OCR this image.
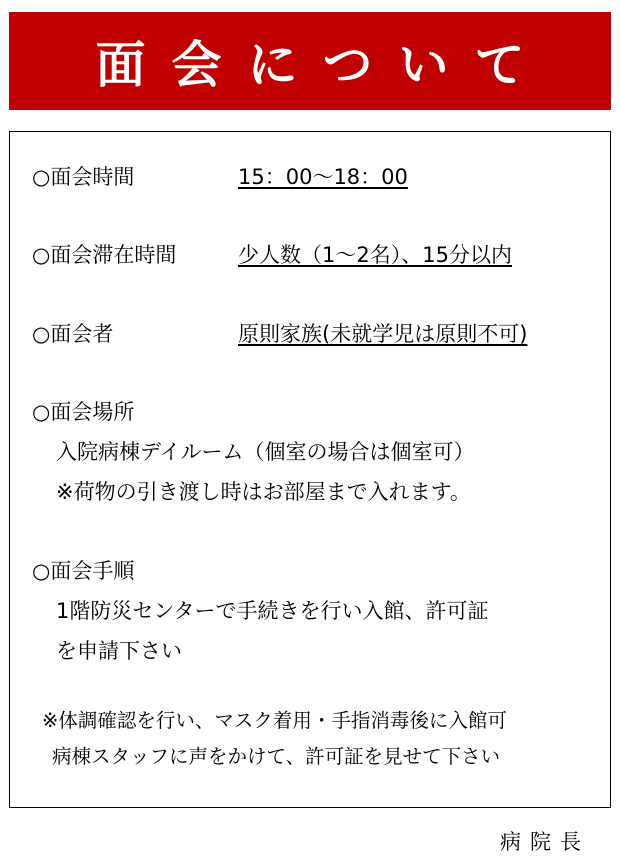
面会について
○面会時間	15：00～18：00
○面会滞在時間	少人数（1～2名）、15分以内
○面会者	原則家族(未就学児は原則不可)
○面会場所
入院病棟デイルーム（個室の場合は個室可）
※荷物の引き渡し時はお部屋まで入れます。
○面会手順
1階防災センターで手続きを行い入館、許可証
を申請下さい
※体調確認を行い、マスク着用・手指消毒後に入館可
病棟スタッフに声をかけて、許可証を見せて下さい
病院長
